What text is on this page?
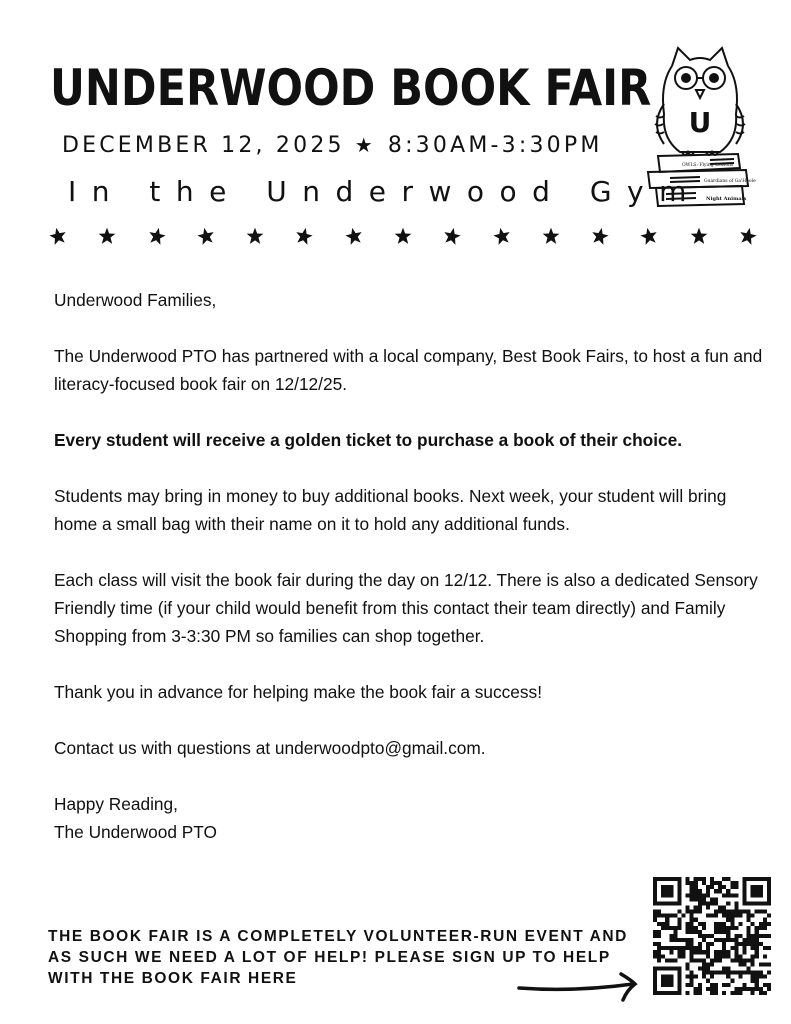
UNDERWOOD BOOK FAIR
DECEMBER 12, 2025 ★ 8:30AM-3:30PM
In the Underwood Gym
U
OWLS: Flying Lessons
Guardians of Ga'Hoole
Night Animals

Underwood Families,

The Underwood PTO has partnered with a local company, Best Book Fairs, to host a fun and literacy-focused book fair on 12/12/25.

Every student will receive a golden ticket to purchase a book of their choice.

Students may bring in money to buy additional books. Next week, your student will bring home a small bag with their name on it to hold any additional funds.

Each class will visit the book fair during the day on 12/12. There is also a dedicated Sensory Friendly time (if your child would benefit from this contact their team directly) and Family Shopping from 3-3:30 PM so families can shop together.

Thank you in advance for helping make the book fair a success!

Contact us with questions at underwoodpto@gmail.com.

Happy Reading,

The Underwood PTO

THE BOOK FAIR IS A COMPLETELY VOLUNTEER-RUN EVENT AND AS SUCH WE NEED A LOT OF HELP! PLEASE SIGN UP TO HELP WITH THE BOOK FAIR HERE
